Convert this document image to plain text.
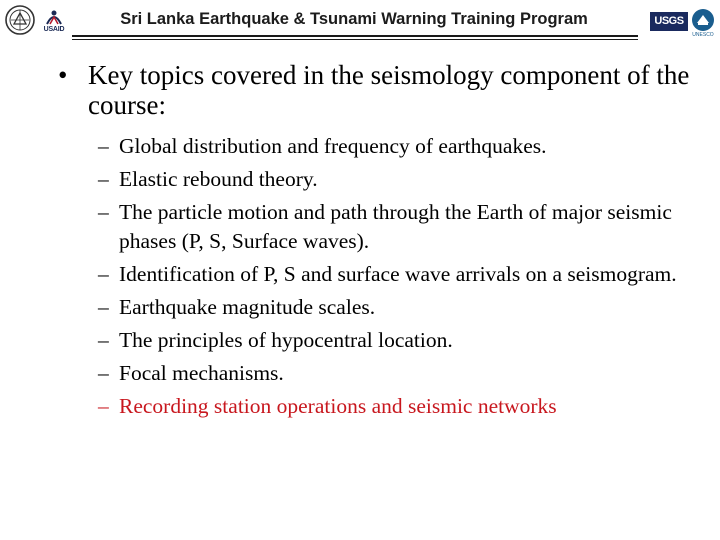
USAID
Sri Lanka Earthquake & Tsunami Warning Training Program	USGS
UNESCO
• Key topics covered in the seismology component of the course:
– Global distribution and frequency of earthquakes.
– Elastic rebound theory.
– The particle motion and path through the Earth of major seismic phases (P, S, Surface waves).
– Identification of P, S and surface wave arrivals on a seismogram.
– Earthquake magnitude scales.
– The principles of hypocentral location.
– Focal mechanisms.
– Recording station operations and seismic networks
